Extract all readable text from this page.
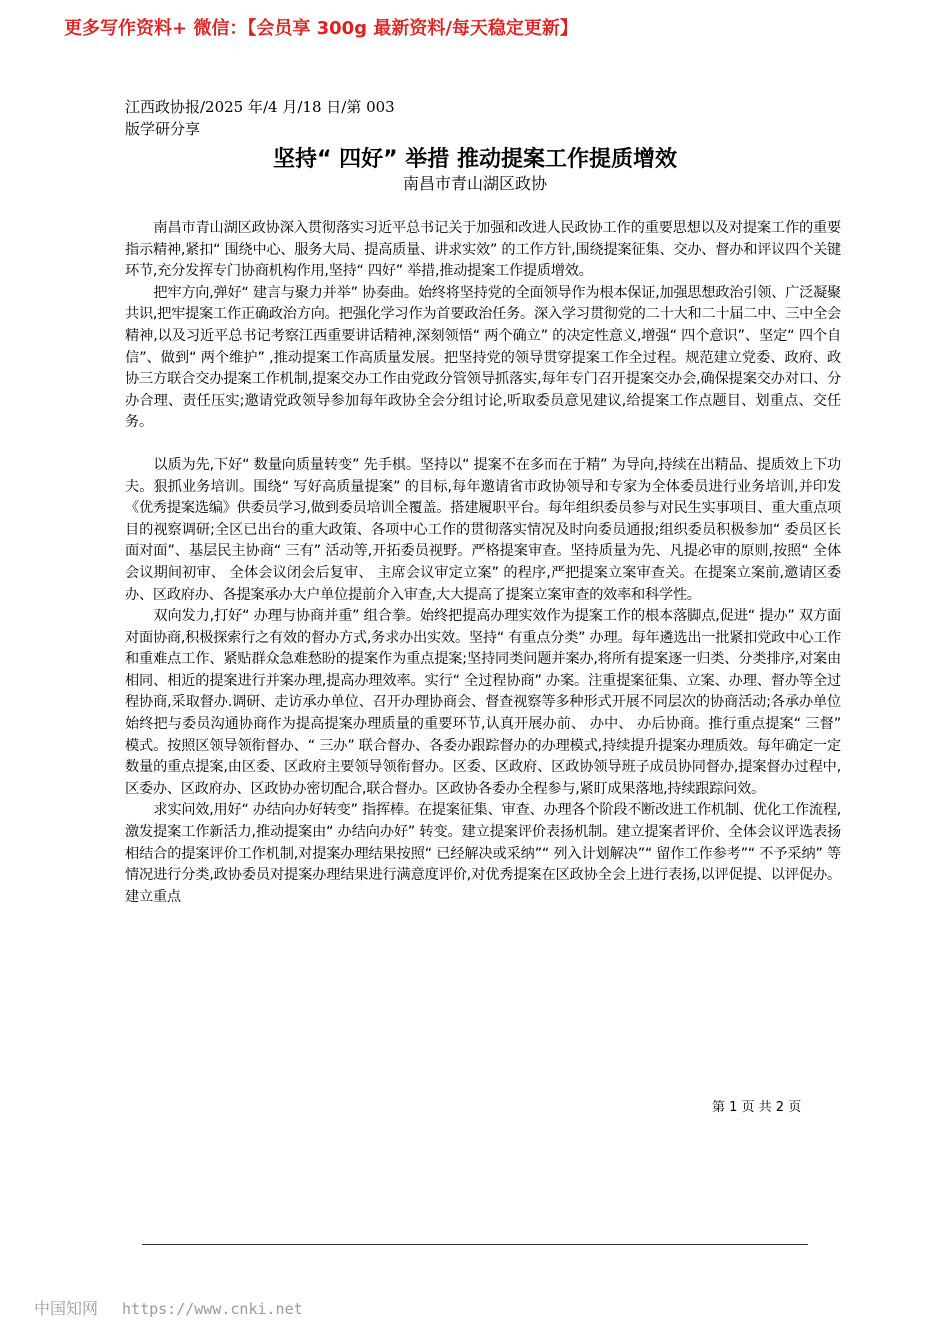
更多写作资料+ 微信：【会员享 300g 最新资料/每天稳定更新】
江西政协报/2025 年/4 月/18 日/第 003
版学研分享
坚持“ 四好” 举措 推动提案工作提质增效
南昌市青山湖区政协

南昌市青山湖区政协深入贯彻落实习近平总书记关于加强和改进人民政协工作的重要思想以及对提案工作的重要指示精神,紧扣“ 围绕中心、服务大局、提高质量、讲求实效” 的工作方针,围绕提案征集、交办、督办和评议四个关键环节,充分发挥专门协商机构作用,坚持“ 四好” 举措,推动提案工作提质增效。

把牢方向,弹好“ 建言与聚力并举” 协奏曲。始终将坚持党的全面领导作为根本保证,加强思想政治引领、广泛凝聚共识,把牢提案工作正确政治方向。把强化学习作为首要政治任务。深入学习贯彻党的二十大和二十届二中、三中全会精神,以及习近平总书记考察江西重要讲话精神,深刻领悟“ 两个确立” 的决定性意义,增强“ 四个意识”、坚定“ 四个自信”、做到“ 两个维护” ,推动提案工作高质量发展。把坚持党的领导贯穿提案工作全过程。规范建立党委、政府、政协三方联合交办提案工作机制,提案交办工作由党政分管领导抓落实,每年专门召开提案交办会,确保提案交办对口、分办合理、责任压实;邀请党政领导参加每年政协全会分组讨论,听取委员意见建议,给提案工作点题目、划重点、交任务。

以质为先,下好“ 数量向质量转变” 先手棋。坚持以“ 提案不在多而在于精” 为导向,持续在出精品、提质效上下功夫。狠抓业务培训。围绕“ 写好高质量提案” 的目标,每年邀请省市政协领导和专家为全体委员进行业务培训,并印发《优秀提案选编》供委员学习,做到委员培训全覆盖。搭建履职平台。每年组织委员参与对民生实事项目、重大重点项目的视察调研;全区已出台的重大政策、各项中心工作的贯彻落实情况及时向委员通报;组织委员积极参加“ 委员区长面对面”、基层民主协商“ 三有” 活动等,开拓委员视野。严格提案审查。坚持质量为先、凡提必审的原则,按照“ 全体会议期间初审、 全体会议闭会后复审、 主席会议审定立案” 的程序,严把提案立案审查关。在提案立案前,邀请区委办、区政府办、各提案承办大户单位提前介入审查,大大提高了提案立案审查的效率和科学性。

双向发力,打好“ 办理与协商并重” 组合拳。始终把提高办理实效作为提案工作的根本落脚点,促进“ 提办” 双方面对面协商,积极探索行之有效的督办方式,务求办出实效。坚持“ 有重点分类” 办理。每年遴选出一批紧扣党政中心工作和重难点工作、紧贴群众急难愁盼的提案作为重点提案;坚持同类问题并案办,将所有提案逐一归类、分类排序,对案由相同、相近的提案进行并案办理,提高办理效率。实行“ 全过程协商” 办案。注重提案征集、立案、办理、督办等全过程协商,采取督办.调研、走访承办单位、召开办理协商会、督查视察等多种形式开展不同层次的协商活动;各承办单位始终把与委员沟通协商作为提高提案办理质量的重要环节,认真开展办前、 办中、 办后协商。推行重点提案“ 三督” 模式。按照区领导领衔督办、“ 三办” 联合督办、各委办跟踪督办的办理模式,持续提升提案办理质效。每年确定一定数量的重点提案,由区委、区政府主要领导领衔督办。区委、区政府、区政协领导班子成员协同督办,提案督办过程中,区委办、区政府办、区政协办密切配合,联合督办。区政协各委办全程参与,紧盯成果落地,持续跟踪问效。

求实问效,用好“ 办结向办好转变” 指挥棒。在提案征集、审查、办理各个阶段不断改进工作机制、优化工作流程,激发提案工作新活力,推动提案由“ 办结向办好” 转变。建立提案评价表扬机制。建立提案者评价、全体会议评选表扬相结合的提案评价工作机制,对提案办理结果按照“ 已经解决或采纳”“ 列入计划解决”“ 留作工作参考”“ 不予采纳” 等情况进行分类,政协委员对提案办理结果进行满意度评价,对优秀提案在区政协全会上进行表扬,以评促提、以评促办。建立重点

第 1 页 共 2 页
中国知网 https://www.cnki.net
